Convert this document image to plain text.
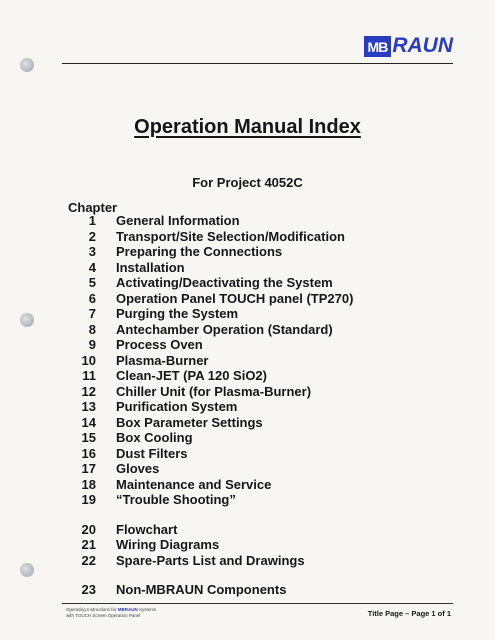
MB RAUN
Operation Manual Index
For Project 4052C
Chapter
1 General Information
2 Transport/Site Selection/Modification
3 Preparing the Connections
4 Installation
5 Activating/Deactivating the System
6 Operation Panel TOUCH panel (TP270)
7 Purging the System
8 Antechamber Operation (Standard)
9 Process Oven
10 Plasma-Burner
11 Clean-JET (PA 120 SiO2)
12 Chiller Unit (for Plasma-Burner)
13 Purification System
14 Box Parameter Settings
15 Box Cooling
16 Dust Filters
17 Gloves
18 Maintenance and Service
19 “Trouble Shooting”
20 Flowchart
21 Wiring Diagrams
22 Spare-Parts List and Drawings
23 Non-MBRAUN Components
Operating Instructions for MBRAUN Systems
with TOUCH Screen Operation Panel	Title Page – Page 1 of 1
